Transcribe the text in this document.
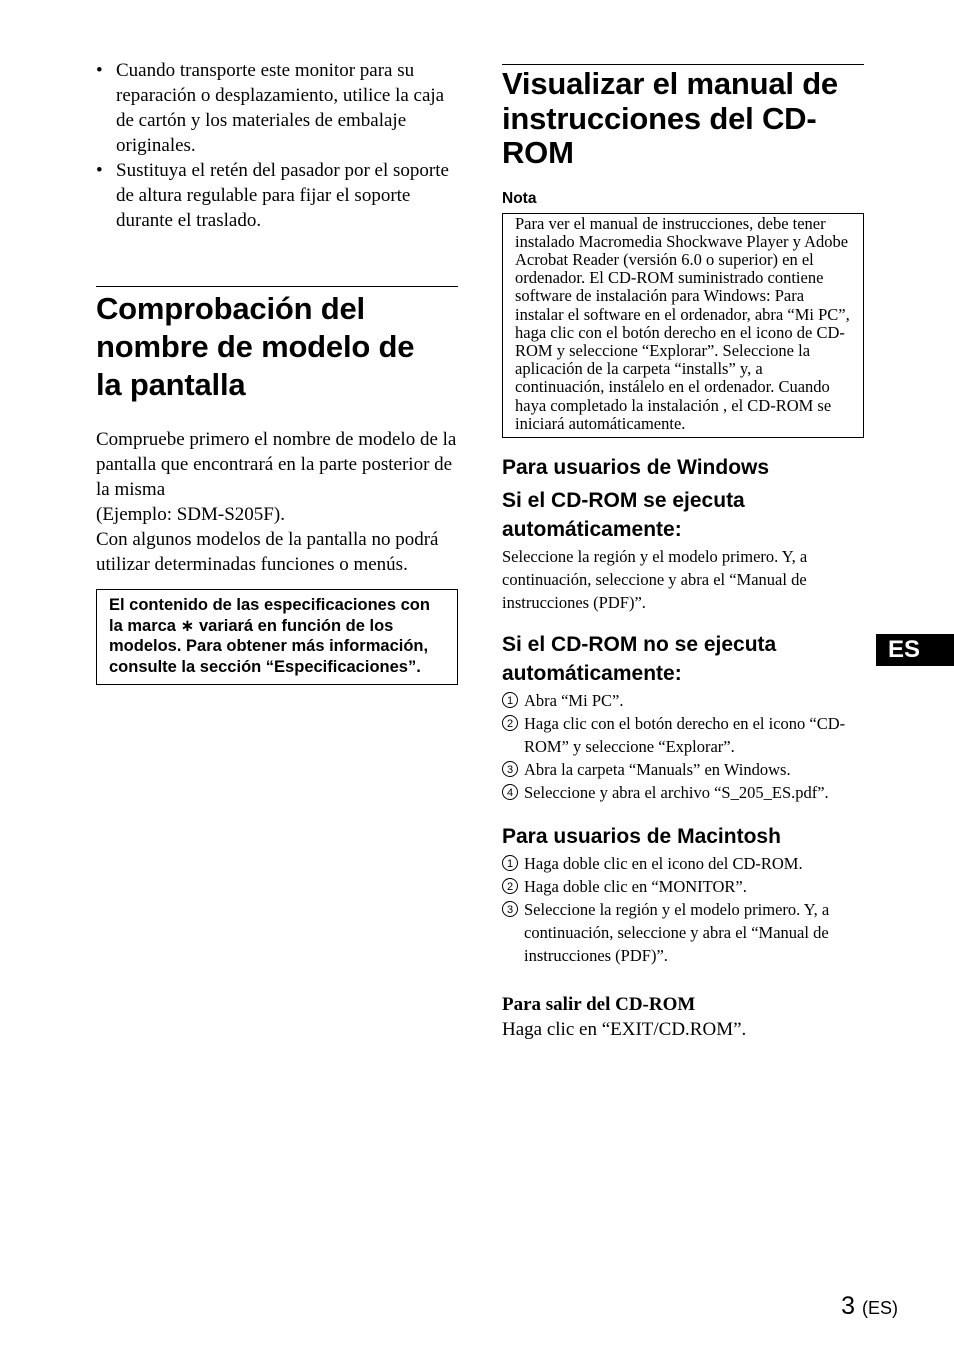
• Cuando transporte este monitor para su reparación o desplazamiento, utilice la caja de cartón y los materiales de embalaje originales.
• Sustituya el retén del pasador por el soporte de altura regulable para fijar el soporte durante el traslado.
Comprobación del
nombre de modelo de
la pantalla
Compruebe primero el nombre de modelo de la pantalla que encontrará en la parte posterior de la misma
(Ejemplo: SDM-S205F).
Con algunos modelos de la pantalla no podrá utilizar determinadas funciones o menús.
El contenido de las especificaciones con la marca ∗ variará en función de los modelos. Para obtener más información, consulte la sección “Especificaciones”.
Visualizar el manual de
instrucciones del CD-
ROM

Nota

Para ver el manual de instrucciones, debe tener instalado Macromedia Shockwave Player y Adobe Acrobat Reader (versión 6.0 o superior) en el ordenador. El CD-ROM suministrado contiene software de instalación para Windows: Para instalar el software en el ordenador, abra “Mi PC”, haga clic con el botón derecho en el icono de CD-ROM y seleccione “Explorar”. Seleccione la aplicación de la carpeta “installs” y, a continuación, instálelo en el ordenador. Cuando haya completado la instalación , el CD-ROM se iniciará automáticamente.

Para usuarios de Windows

Si el CD-ROM se ejecuta automáticamente:

Seleccione la región y el modelo primero. Y, a continuación, seleccione y abra el “Manual de instrucciones (PDF)”.

Si el CD-ROM no se ejecuta automáticamente:

1 Abra “Mi PC”.
2 Haga clic con el botón derecho en el icono “CD-ROM” y seleccione “Explorar”.
3 Abra la carpeta “Manuals” en Windows.
4 Seleccione y abra el archivo “S_205_ES.pdf”.

Para usuarios de Macintosh

1 Haga doble clic en el icono del CD-ROM.
2 Haga doble clic en “MONITOR”.
3 Seleccione la región y el modelo primero. Y, a continuación, seleccione y abra el “Manual de instrucciones (PDF)”.

Para salir del CD-ROM

Haga clic en “EXIT/CD.ROM”.

ES
3 (ES)
